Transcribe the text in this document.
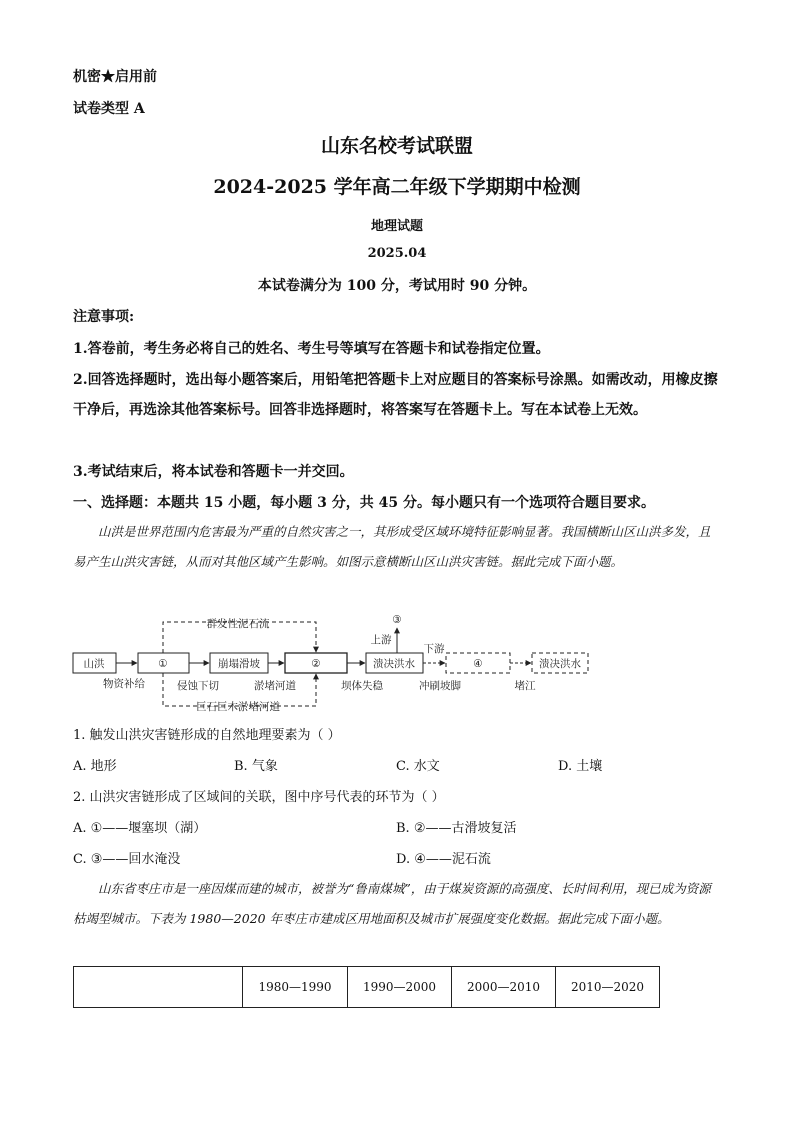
机密★启用前
试卷类型 A
山东名校考试联盟
2024-2025 学年高二年级下学期期中检测
地理试题
2025.04
本试卷满分为 100 分，考试用时 90 分钟。
注意事项:
1.答卷前，考生务必将自己的姓名、考生号等填写在答题卡和试卷指定位置。
2.回答选择题时，选出每小题答案后，用铅笔把答题卡上对应题目的答案标号涂黑。如需改动，用橡皮擦干净后，再选涂其他答案标号。回答非选择题时，将答案写在答题卡上。写在本试卷上无效。
3.考试结束后，将本试卷和答题卡一并交回。
一、选择题：本题共 15 小题，每小题 3 分，共 45 分。每小题只有一个选项符合题目要求。
山洪是世界范围内危害最为严重的自然灾害之一，其形成受区域环境特征影响显著。我国横断山区山洪多发，且易产生山洪灾害链，从而对其他区域产生影响。如图示意横断山区山洪灾害链。据此完成下面小题。
山洪	①	崩塌滑坡	②	溃决洪水	④	溃决洪水
群发性泥石流
巨石巨木淤堵河道
③
上游
下游
物资补给	侵蚀下切	淤堵河道	坝体失稳	冲刷坡脚	堵江
1. 触发山洪灾害链形成的自然地理要素为（ ）
A. 地形	B. 气象	C. 水文	D. 土壤
2. 山洪灾害链形成了区域间的关联，图中序号代表的环节为（ ）
A. ①——堰塞坝（湖）	B. ②——古滑坡复活
C. ③——回水淹没	D. ④——泥石流
山东省枣庄市是一座因煤而建的城市，被誉为“鲁南煤城”，由于煤炭资源的高强度、长时间利用，现已成为资源枯竭型城市。下表为 1980—2020 年枣庄市建成区用地面积及城市扩展强度变化数据。据此完成下面小题。
	1980—1990	1990—2000	2000—2010	2010—2020
